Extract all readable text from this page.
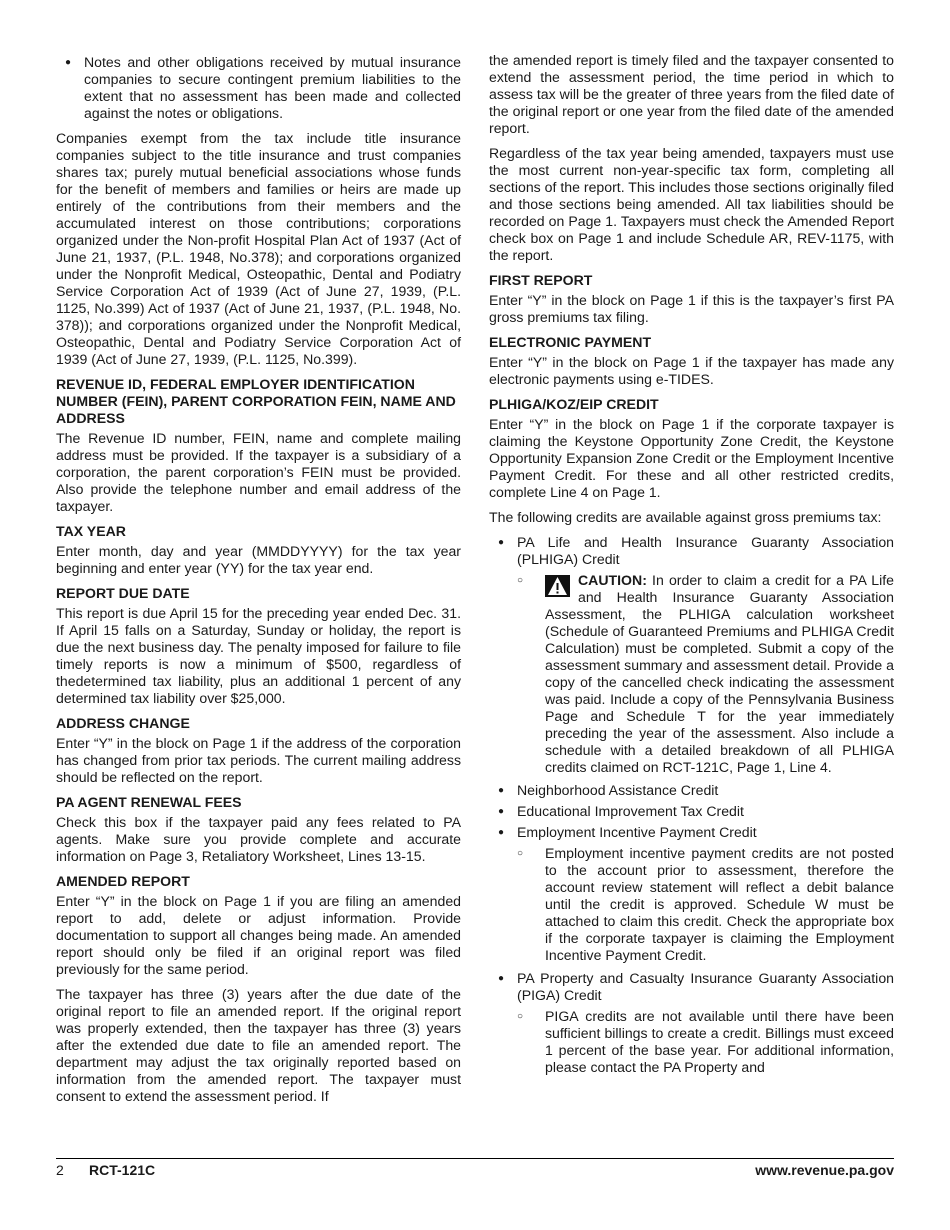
● Notes and other obligations received by mutual insurance companies to secure contingent premium liabilities to the extent that no assessment has been made and collected against the notes or obligations.

Companies exempt from the tax include title insurance companies subject to the title insurance and trust companies shares tax; purely mutual beneficial associations whose funds for the benefit of members and families or heirs are made up entirely of the contributions from their members and the accumulated interest on those contributions; corporations organized under the Non-profit Hospital Plan Act of 1937 (Act of June 21, 1937, (P.L. 1948, No.378); and corporations organized under the Nonprofit Medical, Osteopathic, Dental and Podiatry Service Corporation Act of 1939 (Act of June 27, 1939, (P.L. 1125, No.399) Act of 1937 (Act of June 21, 1937, (P.L. 1948, No. 378)); and corporations organized under the Nonprofit Medical, Osteopathic, Dental and Podiatry Service Corporation Act of 1939 (Act of June 27, 1939, (P.L. 1125, No.399).

REVENUE ID, FEDERAL EMPLOYER IDENTIFICATION NUMBER (FEIN), PARENT CORPORATION FEIN, NAME AND ADDRESS

The Revenue ID number, FEIN, name and complete mailing address must be provided. If the taxpayer is a subsidiary of a corporation, the parent corporation’s FEIN must be provided. Also provide the telephone number and email address of the taxpayer.

TAX YEAR

Enter month, day and year (MMDDYYYY) for the tax year beginning and enter year (YY) for the tax year end.

REPORT DUE DATE

This report is due April 15 for the preceding year ended Dec. 31. If April 15 falls on a Saturday, Sunday or holiday, the report is due the next business day. The penalty imposed for failure to file timely reports is now a minimum of $500, regardless of thedetermined tax liability, plus an additional 1 percent of any determined tax liability over $25,000.

ADDRESS CHANGE

Enter “Y” in the block on Page 1 if the address of the corporation has changed from prior tax periods. The current mailing address should be reflected on the report.

PA AGENT RENEWAL FEES

Check this box if the taxpayer paid any fees related to PA agents. Make sure you provide complete and accurate information on Page 3, Retaliatory Worksheet, Lines 13-15.

AMENDED REPORT

Enter “Y” in the block on Page 1 if you are filing an amended report to add, delete or adjust information. Provide documentation to support all changes being made. An amended report should only be filed if an original report was filed previously for the same period.

The taxpayer has three (3) years after the due date of the original report to file an amended report. If the original report was properly extended, then the taxpayer has three (3) years after the extended due date to file an amended report. The department may adjust the tax originally reported based on information from the amended report. The taxpayer must consent to extend the assessment period. If

the amended report is timely filed and the taxpayer consented to extend the assessment period, the time period in which to assess tax will be the greater of three years from the filed date of the original report or one year from the filed date of the amended report.

Regardless of the tax year being amended, taxpayers must use the most current non-year-specific tax form, completing all sections of the report. This includes those sections originally filed and those sections being amended. All tax liabilities should be recorded on Page 1. Taxpayers must check the Amended Report check box on Page 1 and include Schedule AR, REV-1175, with the report.

FIRST REPORT

Enter “Y” in the block on Page 1 if this is the taxpayer’s first PA gross premiums tax filing.

ELECTRONIC PAYMENT

Enter “Y” in the block on Page 1 if the taxpayer has made any electronic payments using e-TIDES.

PLHIGA/KOZ/EIP CREDIT

Enter “Y” in the block on Page 1 if the corporate taxpayer is claiming the Keystone Opportunity Zone Credit, the Keystone Opportunity Expansion Zone Credit or the Employment Incentive Payment Credit. For these and all other restricted credits, complete Line 4 on Page 1.

The following credits are available against gross premiums tax:

● PA Life and Health Insurance Guaranty Association (PLHIGA) Credit
○ CAUTION: In order to claim a credit for a PA Life and Health Insurance Guaranty Association Assessment, the PLHIGA calculation worksheet (Schedule of Guaranteed Premiums and PLHIGA Credit Calculation) must be completed. Submit a copy of the assessment summary and assessment detail. Provide a copy of the cancelled check indicating the assessment was paid. Include a copy of the Pennsylvania Business Page and Schedule T for the year immediately preceding the year of the assessment. Also include a schedule with a detailed breakdown of all PLHIGA credits claimed on RCT-121C, Page 1, Line 4.
● Neighborhood Assistance Credit
● Educational Improvement Tax Credit
● Employment Incentive Payment Credit
○ Employment incentive payment credits are not posted to the account prior to assessment, therefore the account review statement will reflect a debit balance until the credit is approved. Schedule W must be attached to claim this credit. Check the appropriate box if the corporate taxpayer is claiming the Employment Incentive Payment Credit.
● PA Property and Casualty Insurance Guaranty Association (PIGA) Credit
○ PIGA credits are not available until there have been sufficient billings to create a credit. Billings must exceed 1 percent of the base year. For additional information, please contact the PA Property and
2 RCT-121C	www.revenue.pa.gov
